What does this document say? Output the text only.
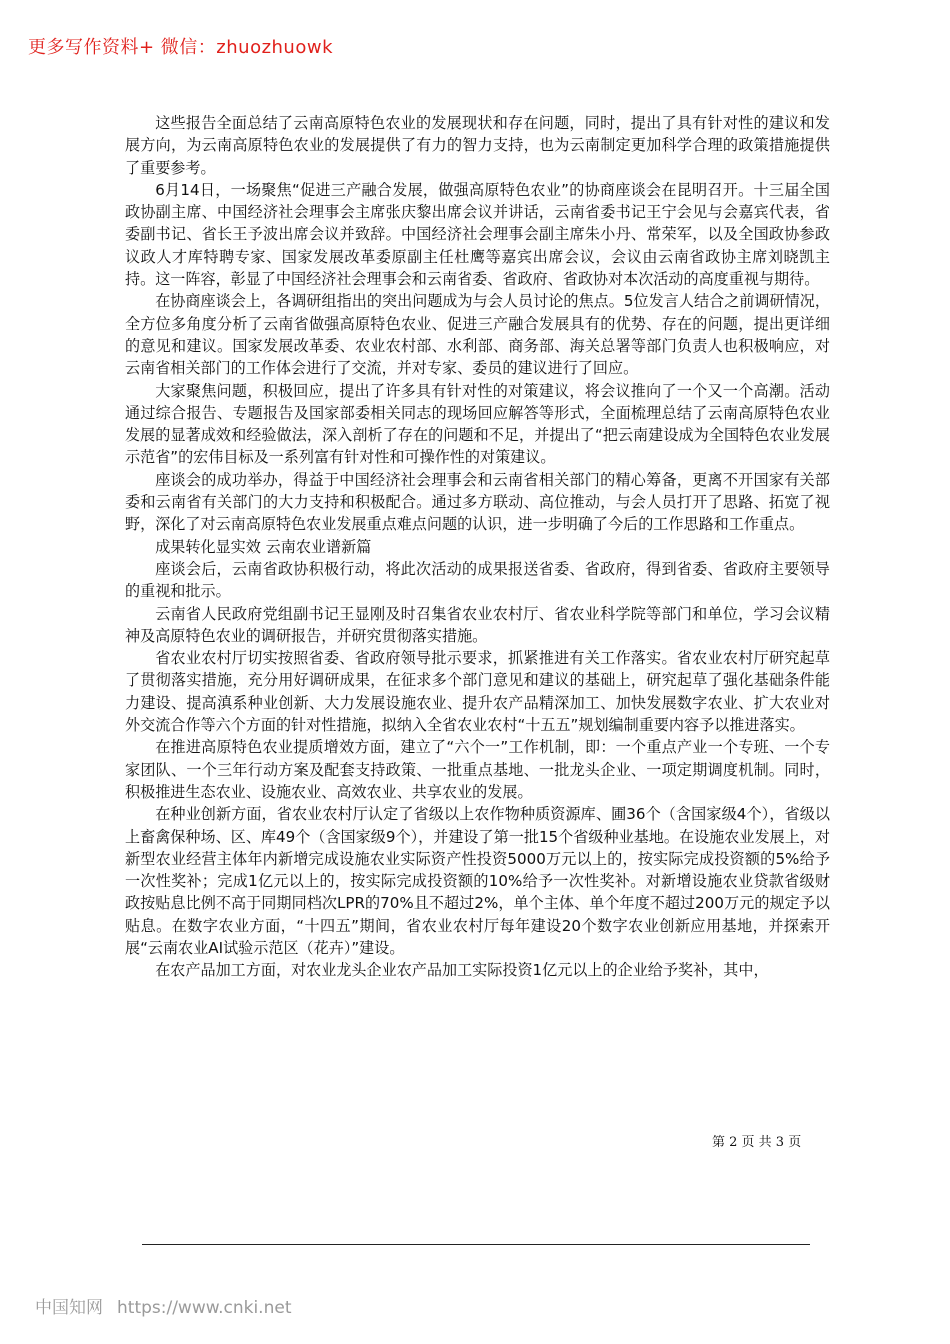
更多写作资料+ 微信：zhuozhuowk

这些报告全面总结了云南高原特色农业的发展现状和存在问题，同时，提出了具有针对性的建议和发展方向，为云南高原特色农业的发展提供了有力的智力支持，也为云南制定更加科学合理的政策措施提供了重要参考。

6月14日，一场聚焦“促进三产融合发展，做强高原特色农业”的协商座谈会在昆明召开。十三届全国政协副主席、中国经济社会理事会主席张庆黎出席会议并讲话，云南省委书记王宁会见与会嘉宾代表，省委副书记、省长王予波出席会议并致辞。中国经济社会理事会副主席朱小丹、常荣军，以及全国政协参政议政人才库特聘专家、国家发展改革委原副主任杜鹰等嘉宾出席会议，会议由云南省政协主席刘晓凯主持。这一阵容，彰显了中国经济社会理事会和云南省委、省政府、省政协对本次活动的高度重视与期待。

在协商座谈会上，各调研组指出的突出问题成为与会人员讨论的焦点。5位发言人结合之前调研情况，全方位多角度分析了云南省做强高原特色农业、促进三产融合发展具有的优势、存在的问题，提出更详细的意见和建议。国家发展改革委、农业农村部、水利部、商务部、海关总署等部门负责人也积极响应，对云南省相关部门的工作体会进行了交流，并对专家、委员的建议进行了回应。

大家聚焦问题，积极回应，提出了许多具有针对性的对策建议，将会议推向了一个又一个高潮。活动通过综合报告、专题报告及国家部委相关同志的现场回应解答等形式，全面梳理总结了云南高原特色农业发展的显著成效和经验做法，深入剖析了存在的问题和不足，并提出了“把云南建设成为全国特色农业发展示范省”的宏伟目标及一系列富有针对性和可操作性的对策建议。

座谈会的成功举办，得益于中国经济社会理事会和云南省相关部门的精心筹备，更离不开国家有关部委和云南省有关部门的大力支持和积极配合。通过多方联动、高位推动，与会人员打开了思路、拓宽了视野，深化了对云南高原特色农业发展重点难点问题的认识，进一步明确了今后的工作思路和工作重点。

成果转化显实效 云南农业谱新篇

座谈会后，云南省政协积极行动，将此次活动的成果报送省委、省政府，得到省委、省政府主要领导的重视和批示。

云南省人民政府党组副书记王显刚及时召集省农业农村厅、省农业科学院等部门和单位，学习会议精神及高原特色农业的调研报告，并研究贯彻落实措施。

省农业农村厅切实按照省委、省政府领导批示要求，抓紧推进有关工作落实。省农业农村厅研究起草了贯彻落实措施，充分用好调研成果，在征求多个部门意见和建议的基础上，研究起草了强化基础条件能力建设、提高滇系种业创新、大力发展设施农业、提升农产品精深加工、加快发展数字农业、扩大农业对外交流合作等六个方面的针对性措施，拟纳入全省农业农村“十五五”规划编制重要内容予以推进落实。

在推进高原特色农业提质增效方面，建立了“六个一”工作机制，即：一个重点产业一个专班、一个专家团队、一个三年行动方案及配套支持政策、一批重点基地、一批龙头企业、一项定期调度机制。同时，积极推进生态农业、设施农业、高效农业、共享农业的发展。

在种业创新方面，省农业农村厅认定了省级以上农作物种质资源库、圃36个（含国家级4个），省级以上畜禽保种场、区、库49个（含国家级9个），并建设了第一批15个省级种业基地。在设施农业发展上，对新型农业经营主体年内新增完成设施农业实际资产性投资5000万元以上的，按实际完成投资额的5%给予一次性奖补；完成1亿元以上的，按实际完成投资额的10%给予一次性奖补。对新增设施农业贷款省级财政按贴息比例不高于同期同档次LPR的70%且不超过2%，单个主体、单个年度不超过200万元的规定予以贴息。在数字农业方面，“十四五”期间，省农业农村厅每年建设20个数字农业创新应用基地，并探索开展“云南农业AI试验示范区（花卉）”建设。

在农产品加工方面，对农业龙头企业农产品加工实际投资1亿元以上的企业给予奖补，其中，

第 2 页 共 3 页
中国知网 https://www.cnki.net
